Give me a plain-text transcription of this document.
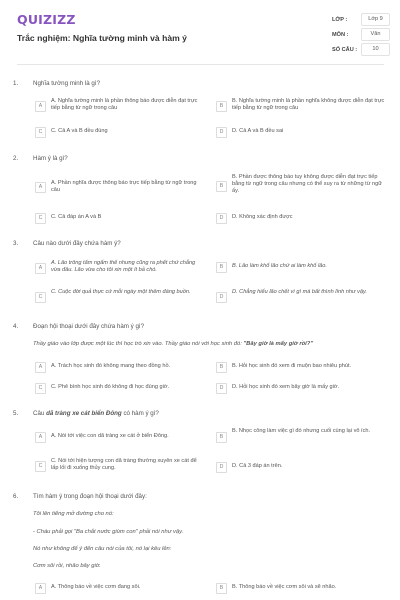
QUIZIZZ
Trắc nghiệm: Nghĩa tường minh và hàm ý
LỚP :	Lớp 9
MÔN :	Văn
SỐ CÂU :	10
1. Nghĩa tường minh là gì?
A
A. Nghĩa tường minh là phần thông báo được diễn đạt trực tiếp bằng từ ngữ trong câu	B
B. Nghĩa tường minh là phần nghĩa không được diễn đạt trực tiếp bằng từ ngữ trong câu
C	C. Cả A và B đều đúng	D	D. Cả A và B đều sai
2. Hàm ý là gì?
A
A. Phần nghĩa được thông báo trực tiếp bằng từ ngữ trong câu
B
B. Phần được thông báo tuy không được diễn đạt trực tiếp bằng từ ngữ trong câu nhưng có thể suy ra từ những từ ngữ ấy.
C	C. Cả đáp án A và B	D	D. Không xác định được
3. Câu nào dưới đây chứa hàm ý?
A
A. Lão trông tấm ngẩm thế nhưng cũng ra phết chứ chẳng vừa đâu. Lão vừa cho tôi xin một ít bả chó.
B	B. Lão làm khổ lão chứ ai làm khổ lão.
C
C. Cuộc đời quả thực cứ mỗi ngày một thêm đáng buồn.
D
D. Chẳng hiểu lão chết vì gì mà bất thình lình như vậy.
4. Đoạn hội thoại dưới đây chứa hàm ý gì?
Thầy giáo vào lớp được một lúc thì học trò xin vào. Thầy giáo nói với học sinh đó: "Bây giờ là mấy giờ rồi?"
A	A. Trách học sinh đó không mang theo đồng hồ.	B	B. Hỏi học sinh đó xem đi muộn bao nhiêu phút.
C	C. Phê bình học sinh đó không đi học đúng giờ.	D	D. Hỏi học sinh đó xem bây giờ là mấy giờ.
5. Câu dã tràng xe cát biển Đông có hàm ý gì?
A	A. Nói tới việc con dã tràng xe cát ở biển Đông.	B
B. Nhọc công làm việc gì đó nhưng cuối cùng lại vô ích.
C
C. Nói tới hiện tượng con dã tràng thường xuyên xe cát để lấp lối đi xuống thủy cung.	D	D. Cả 3 đáp án trên.
6. Tìm hàm ý trong đoạn hội thoại dưới đây:
Tôi lên tiếng mở đường cho nó:
- Cháu phải gọi "Ba chắt nước giùm con" phải nói như vậy.
Nó như không để ý đến câu nói của tôi, nó lại kêu lên:
Cơm sôi rồi, nhão bây giờ.
A	A. Thông báo về việc cơm đang sôi.	B	B. Thông báo về việc cơm sôi và sẽ nhão.
